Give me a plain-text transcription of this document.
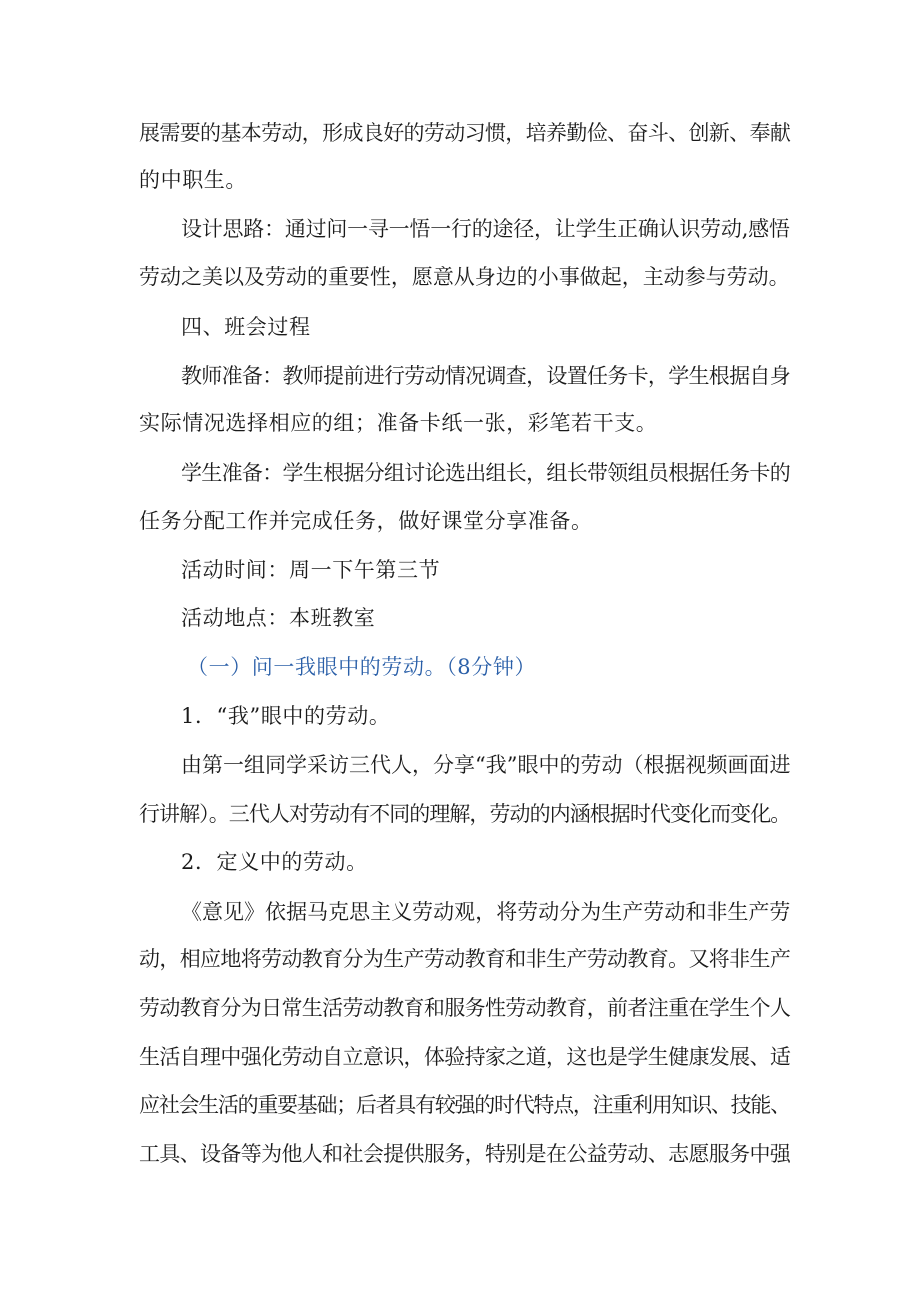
展需要的基本劳动，形成良好的劳动习惯，培养勤俭、奋斗、创新、奉献
的中职生。
设计思路：通过问一寻一悟一行的途径，让学生正确认识劳动,感悟
劳动之美以及劳动的重要性，愿意从身边的小事做起，主动参与劳动。
四、班会过程
教师准备：教师提前进行劳动情况调查，设置任务卡，学生根据自身
实际情况选择相应的组；准备卡纸一张，彩笔若干支。
学生准备：学生根据分组讨论选出组长，组长带领组员根据任务卡的
任务分配工作并完成任务，做好课堂分享准备。
活动时间：周一下午第三节
活动地点：本班教室
（一）问一我眼中的劳动。（8分钟）
1．“我”眼中的劳动。
由第一组同学采访三代人，分享“我”眼中的劳动（根据视频画面进
行讲解）。三代人对劳动有不同的理解，劳动的内涵根据时代变化而变化。
2．定义中的劳动。
《意见》依据马克思主义劳动观，将劳动分为生产劳动和非生产劳
动，相应地将劳动教育分为生产劳动教育和非生产劳动教育。又将非生产
劳动教育分为日常生活劳动教育和服务性劳动教育，前者注重在学生个人
生活自理中强化劳动自立意识，体验持家之道，这也是学生健康发展、适
应社会生活的重要基础；后者具有较强的时代特点，注重利用知识、技能、
工具、设备等为他人和社会提供服务，特别是在公益劳动、志愿服务中强
